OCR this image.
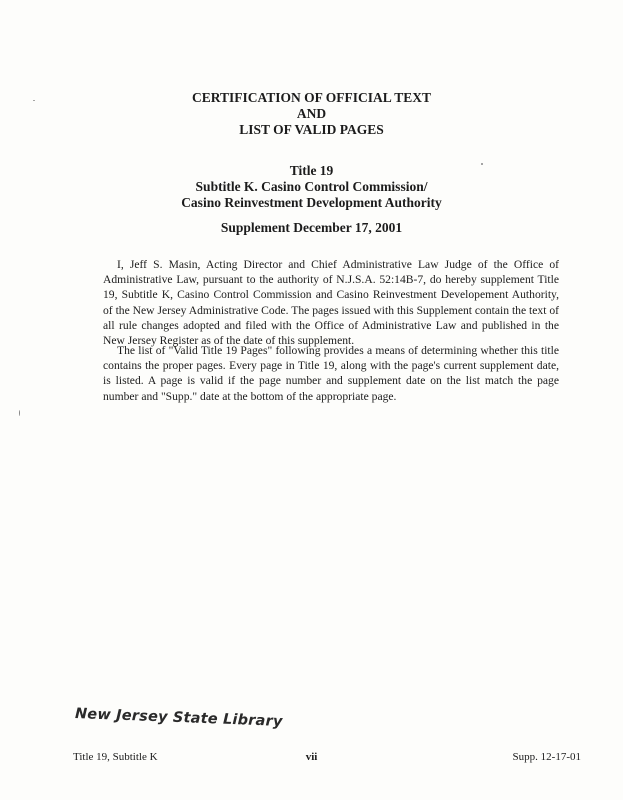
CERTIFICATION OF OFFICIAL TEXT
AND
LIST OF VALID PAGES
Title 19
Subtitle K. Casino Control Commission/
Casino Reinvestment Development Authority
Supplement December 17, 2001

I, Jeff S. Masin, Acting Director and Chief Administrative Law Judge of the Office of Administrative Law, pursuant to the authority of N.J.S.A. 52:14B-7, do hereby supplement Title 19, Subtitle K, Casino Control Commission and Casino Reinvestment Developement Authority, of the New Jersey Administrative Code. The pages issued with this Supplement contain the text of all rule changes adopted and filed with the Office of Administrative Law and published in the New Jersey Register as of the date of this supplement.

The list of "Valid Title 19 Pages" following provides a means of determining whether this title contains the proper pages. Every page in Title 19, along with the page's current supplement date, is listed. A page is valid if the page number and supplement date on the list match the page number and "Supp." date at the bottom of the appropriate page.

New Jersey State Library
Title 19, Subtitle K	vii	Supp. 12-17-01
